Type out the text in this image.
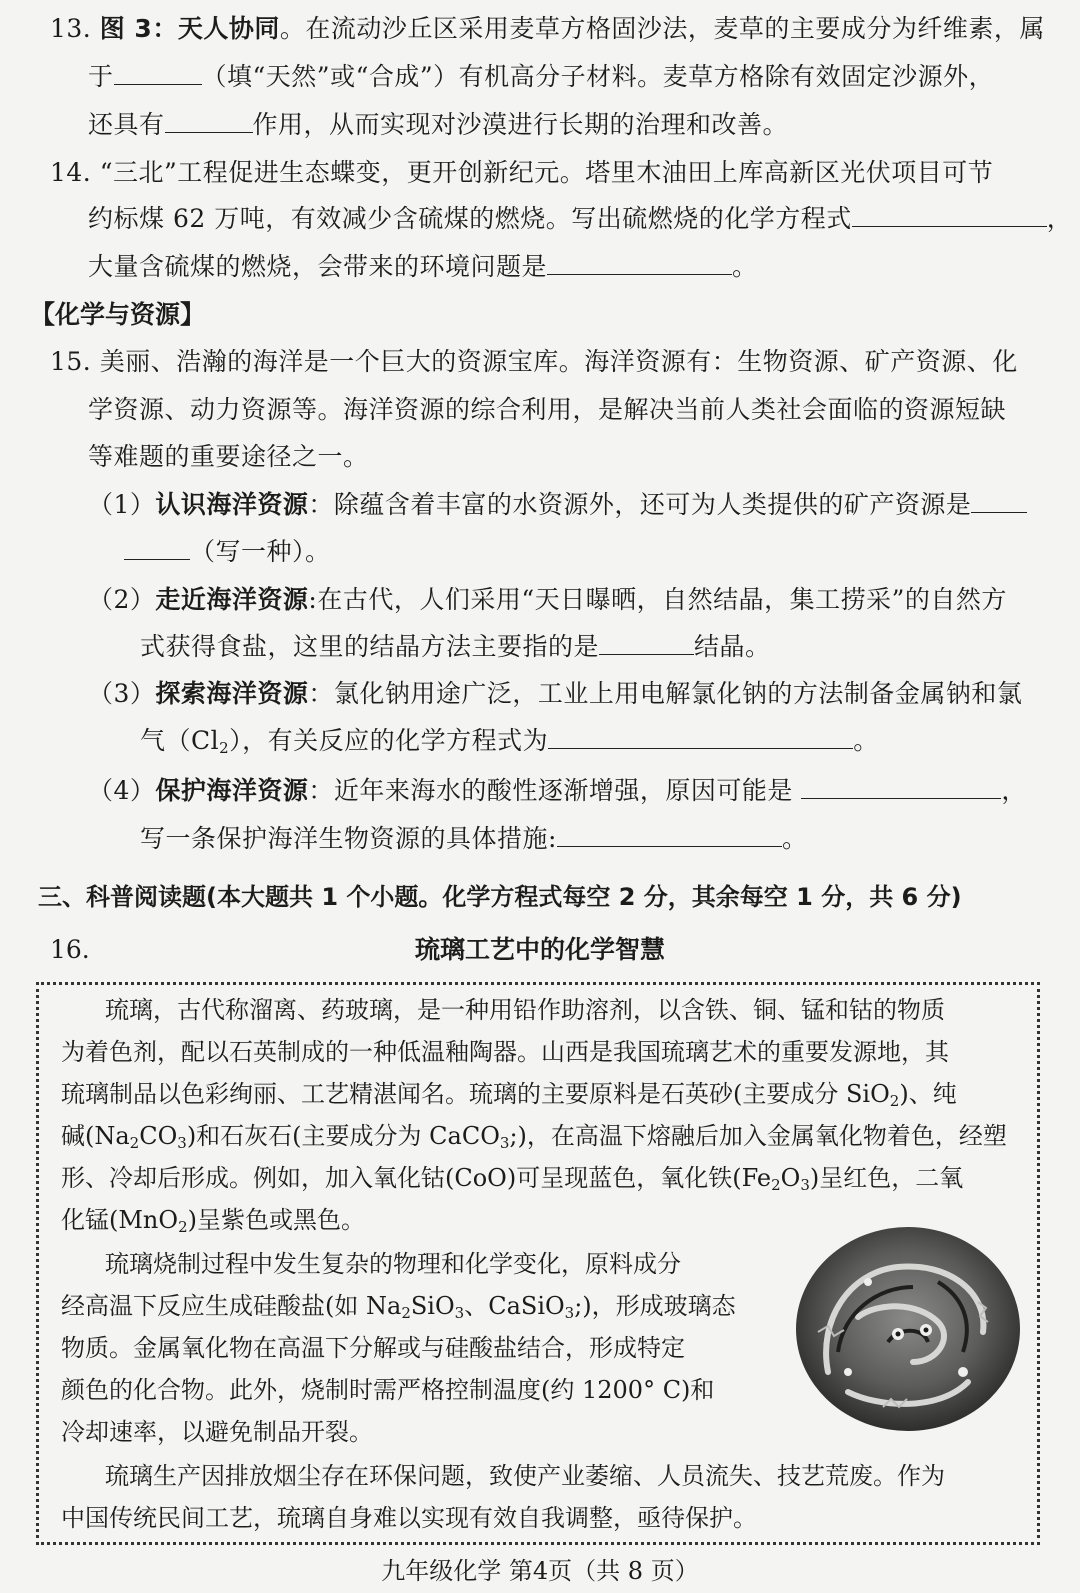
13. 图 3：天人协同。在流动沙丘区采用麦草方格固沙法，麦草的主要成分为纤维素，属
于	（填“天然”或“合成”）有机高分子材料。麦草方格除有效固定沙源外，
还具有	作用，从而实现对沙漠进行长期的治理和改善。
14. “三北”工程促进生态蝶变，更开创新纪元。塔里木油田上库高新区光伏项目可节
约标煤 62 万吨，有效减少含硫煤的燃烧。写出硫燃烧的化学方程式	，
大量含硫煤的燃烧，会带来的环境问题是	。
【化学与资源】
15. 美丽、浩瀚的海洋是一个巨大的资源宝库。海洋资源有：生物资源、矿产资源、化
学资源、动力资源等。海洋资源的综合利用，是解决当前人类社会面临的资源短缺
等难题的重要途径之一。
（1）认识海洋资源：除蕴含着丰富的水资源外，还可为人类提供的矿产资源是
（写一种）。
（2）走近海洋资源:在古代，人们采用“天日曝晒，自然结晶，集工捞采”的自然方
式获得食盐，这里的结晶方法主要指的是	结晶。
（3）探索海洋资源：氯化钠用途广泛，工业上用电解氯化钠的方法制备金属钠和氯
气$(Cl_2)$，有关反应的化学方程式为	。
（4）保护海洋资源：近年来海水的酸性逐渐增强，原因可能是	，
写一条保护海洋生物资源的具体措施:	。
三、科普阅读题(本大题共 1 个小题。化学方程式每空 2 分，其余每空 1 分，共 6 分)
16.	琉璃工艺中的化学智慧
琉璃，古代称溜离、药玻璃，是一种用铅作助溶剂，以含铁、铜、锰和钴的物质
为着色剂，配以石英制成的一种低温釉陶器。山西是我国琉璃艺术的重要发源地，其
琉璃制品以色彩绚丽、工艺精湛闻名。琉璃的主要原料是石英砂(主要成分 SiO$_2$)、纯
碱$(Na_2CO_3)$和石灰石(主要成分为 CaCO$_3$;)，在高温下熔融后加入金属氧化物着色，经塑
形、冷却后形成。例如，加入氧化钴(CoO)可呈现蓝色，氧化铁$(Fe_2O_3)$呈红色，二氧
化锰(MnO$_2$)呈紫色或黑色。
琉璃烧制过程中发生复杂的物理和化学变化，原料成分
经高温下反应生成硅酸盐(如 $Na_2SiO_3$、CaSiO$_3$;)，形成玻璃态
物质。金属氧化物在高温下分解或与硅酸盐结合，形成特定
颜色的化合物。此外，烧制时需严格控制温度(约 1200° C)和
冷却速率，以避免制品开裂。
琉璃生产因排放烟尘存在环保问题，致使产业萎缩、人员流失、技艺荒废。作为
中国传统民间工艺，琉璃自身难以实现有效自我调整，亟待保护。
九年级化学 第4页（共 8 页）
